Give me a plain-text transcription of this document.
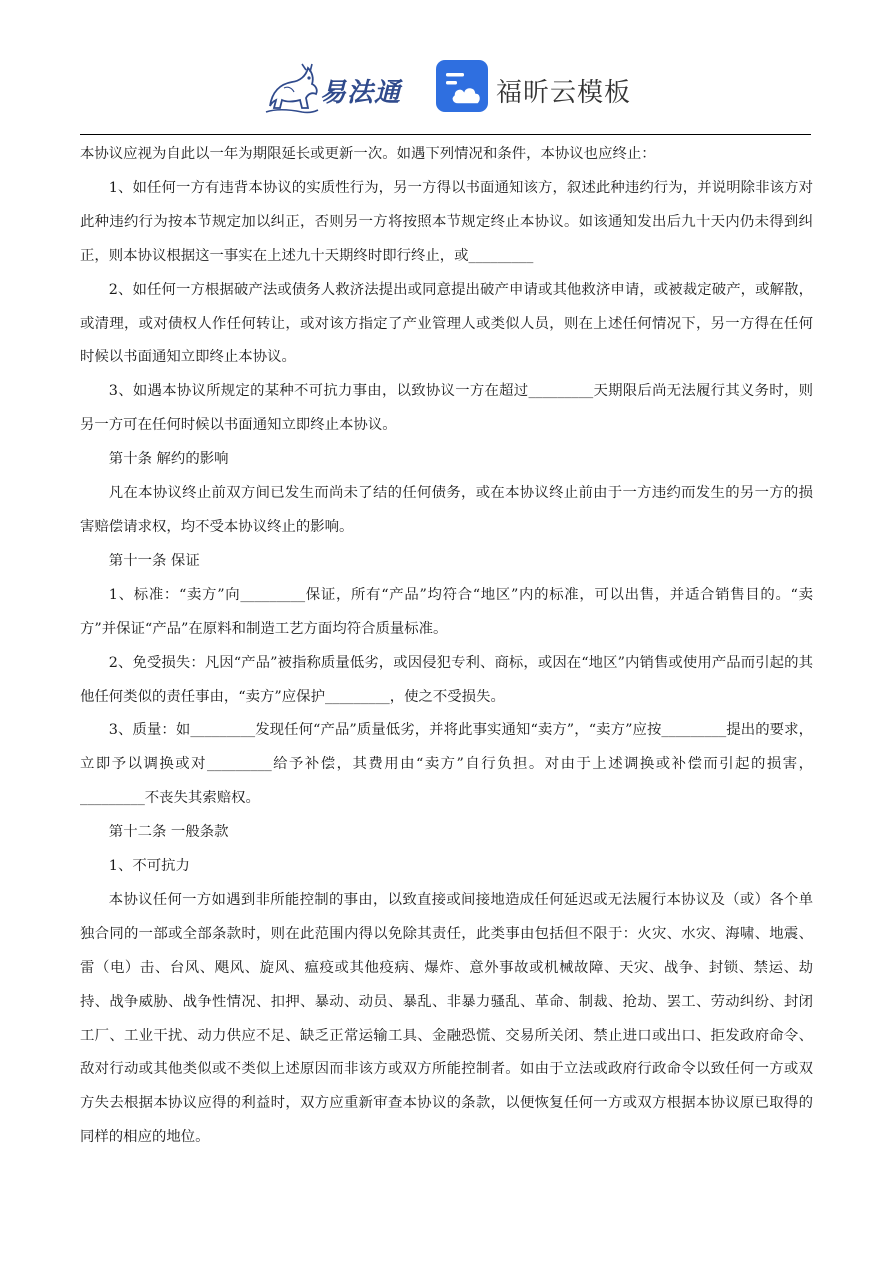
易法通	福昕云模板

本协议应视为自此以一年为期限延长或更新一次。如遇下列情况和条件，本协议也应终止：

1、如任何一方有违背本协议的实质性行为，另一方得以书面通知该方，叙述此种违约行为，并说明除非该方对此种违约行为按本节规定加以纠正，否则另一方将按照本节规定终止本协议。如该通知发出后九十天内仍未得到纠正，则本协议根据这一事实在上述九十天期终时即行终止，或_________

2、如任何一方根据破产法或债务人救济法提出或同意提出破产申请或其他救济申请，或被裁定破产，或解散，或清理，或对债权人作任何转让，或对该方指定了产业管理人或类似人员，则在上述任何情况下，另一方得在任何时候以书面通知立即终止本协议。

3、如遇本协议所规定的某种不可抗力事由，以致协议一方在超过_________天期限后尚无法履行其义务时，则另一方可在任何时候以书面通知立即终止本协议。

第十条 解约的影响

凡在本协议终止前双方间已发生而尚未了结的任何债务，或在本协议终止前由于一方违约而发生的另一方的损害赔偿请求权，均不受本协议终止的影响。

第十一条 保证

1、标准：“卖方”向_________保证，所有“产品”均符合“地区”内的标准，可以出售，并适合销售目的。“卖方”并保证“产品”在原料和制造工艺方面均符合质量标准。

2、免受损失：凡因“产品”被指称质量低劣，或因侵犯专利、商标，或因在“地区”内销售或使用产品而引起的其他任何类似的责任事由，“卖方”应保护_________，使之不受损失。

3、质量：如_________发现任何“产品”质量低劣，并将此事实通知“卖方”，“卖方”应按_________提出的要求，立即予以调换或对_________给予补偿，其费用由“卖方”自行负担。对由于上述调换或补偿而引起的损害，_________不丧失其索赔权。

第十二条 一般条款

1、不可抗力

本协议任何一方如遇到非所能控制的事由，以致直接或间接地造成任何延迟或无法履行本协议及（或）各个单独合同的一部或全部条款时，则在此范围内得以免除其责任，此类事由包括但不限于：火灾、水灾、海啸、地震、雷（电）击、台风、飓风、旋风、瘟疫或其他疫病、爆炸、意外事故或机械故障、天灾、战争、封锁、禁运、劫持、战争威胁、战争性情况、扣押、暴动、动员、暴乱、非暴力骚乱、革命、制裁、抢劫、罢工、劳动纠纷、封闭工厂、工业干扰、动力供应不足、缺乏正常运输工具、金融恐慌、交易所关闭、禁止进口或出口、拒发政府命令、敌对行动或其他类似或不类似上述原因而非该方或双方所能控制者。如由于立法或政府行政命令以致任何一方或双方失去根据本协议应得的利益时，双方应重新审查本协议的条款，以便恢复任何一方或双方根据本协议原已取得的同样的相应的地位。
